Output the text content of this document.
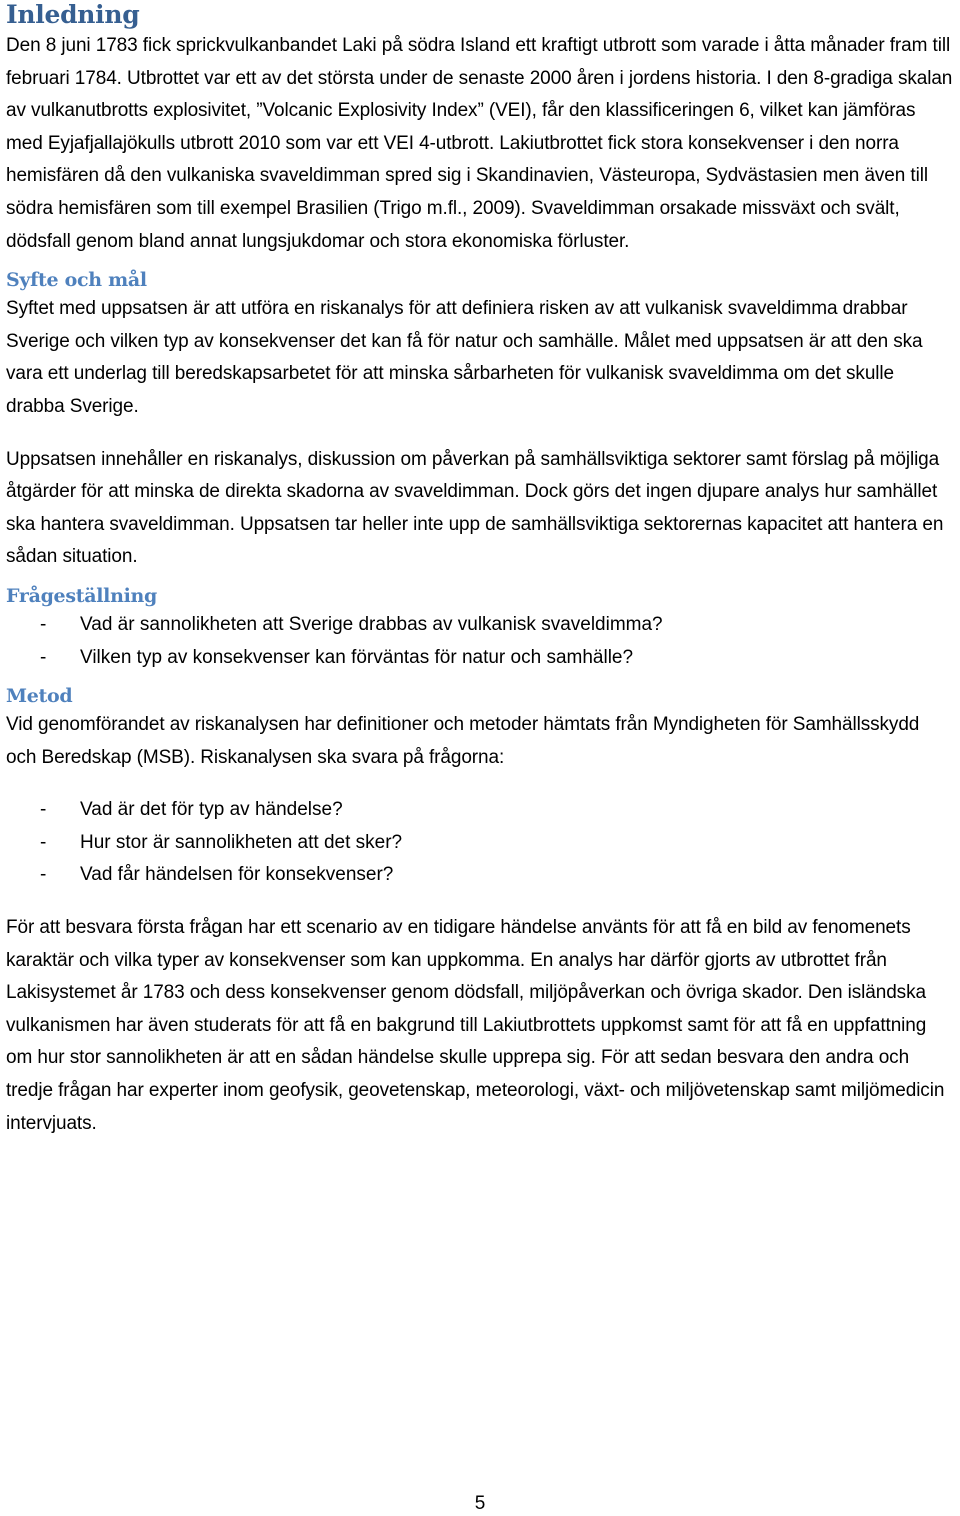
Inledning

Den 8 juni 1783 fick sprickvulkanbandet Laki på södra Island ett kraftigt utbrott som varade i åtta månader fram till februari 1784. Utbrottet var ett av det största under de senaste 2000 åren i jordens historia. I den 8-gradiga skalan av vulkanutbrotts explosivitet, ”Volcanic Explosivity Index” (VEI), får den klassificeringen 6, vilket kan jämföras med Eyjafjallajökulls utbrott 2010 som var ett VEI 4-utbrott. Lakiutbrottet fick stora konsekvenser i den norra hemisfären då den vulkaniska svaveldimman spred sig i Skandinavien, Västeuropa, Sydvästasien men även till södra hemisfären som till exempel Brasilien (Trigo m.fl., 2009). Svaveldimman orsakade missväxt och svält, dödsfall genom bland annat lungsjukdomar och stora ekonomiska förluster.

Syfte och mål

Syftet med uppsatsen är att utföra en riskanalys för att definiera risken av att vulkanisk svaveldimma drabbar Sverige och vilken typ av konsekvenser det kan få för natur och samhälle. Målet med uppsatsen är att den ska vara ett underlag till beredskapsarbetet för att minska sårbarheten för vulkanisk svaveldimma om det skulle drabba Sverige.

Uppsatsen innehåller en riskanalys, diskussion om påverkan på samhällsviktiga sektorer samt förslag på möjliga åtgärder för att minska de direkta skadorna av svaveldimman. Dock görs det ingen djupare analys hur samhället ska hantera svaveldimman. Uppsatsen tar heller inte upp de samhällsviktiga sektorernas kapacitet att hantera en sådan situation.

Frågeställning
- Vad är sannolikheten att Sverige drabbas av vulkanisk svaveldimma?
- Vilken typ av konsekvenser kan förväntas för natur och samhälle?
Metod

Vid genomförandet av riskanalysen har definitioner och metoder hämtats från Myndigheten för Samhällsskydd och Beredskap (MSB). Riskanalysen ska svara på frågorna:

- Vad är det för typ av händelse?
- Hur stor är sannolikheten att det sker?
- Vad får händelsen för konsekvenser?

För att besvara första frågan har ett scenario av en tidigare händelse använts för att få en bild av fenomenets karaktär och vilka typer av konsekvenser som kan uppkomma. En analys har därför gjorts av utbrottet från Lakisystemet år 1783 och dess konsekvenser genom dödsfall, miljöpåverkan och övriga skador. Den isländska vulkanismen har även studerats för att få en bakgrund till Lakiutbrottets uppkomst samt för att få en uppfattning om hur stor sannolikheten är att en sådan händelse skulle upprepa sig. För att sedan besvara den andra och tredje frågan har experter inom geofysik, geovetenskap, meteorologi, växt- och miljövetenskap samt miljömedicin intervjuats.

5
